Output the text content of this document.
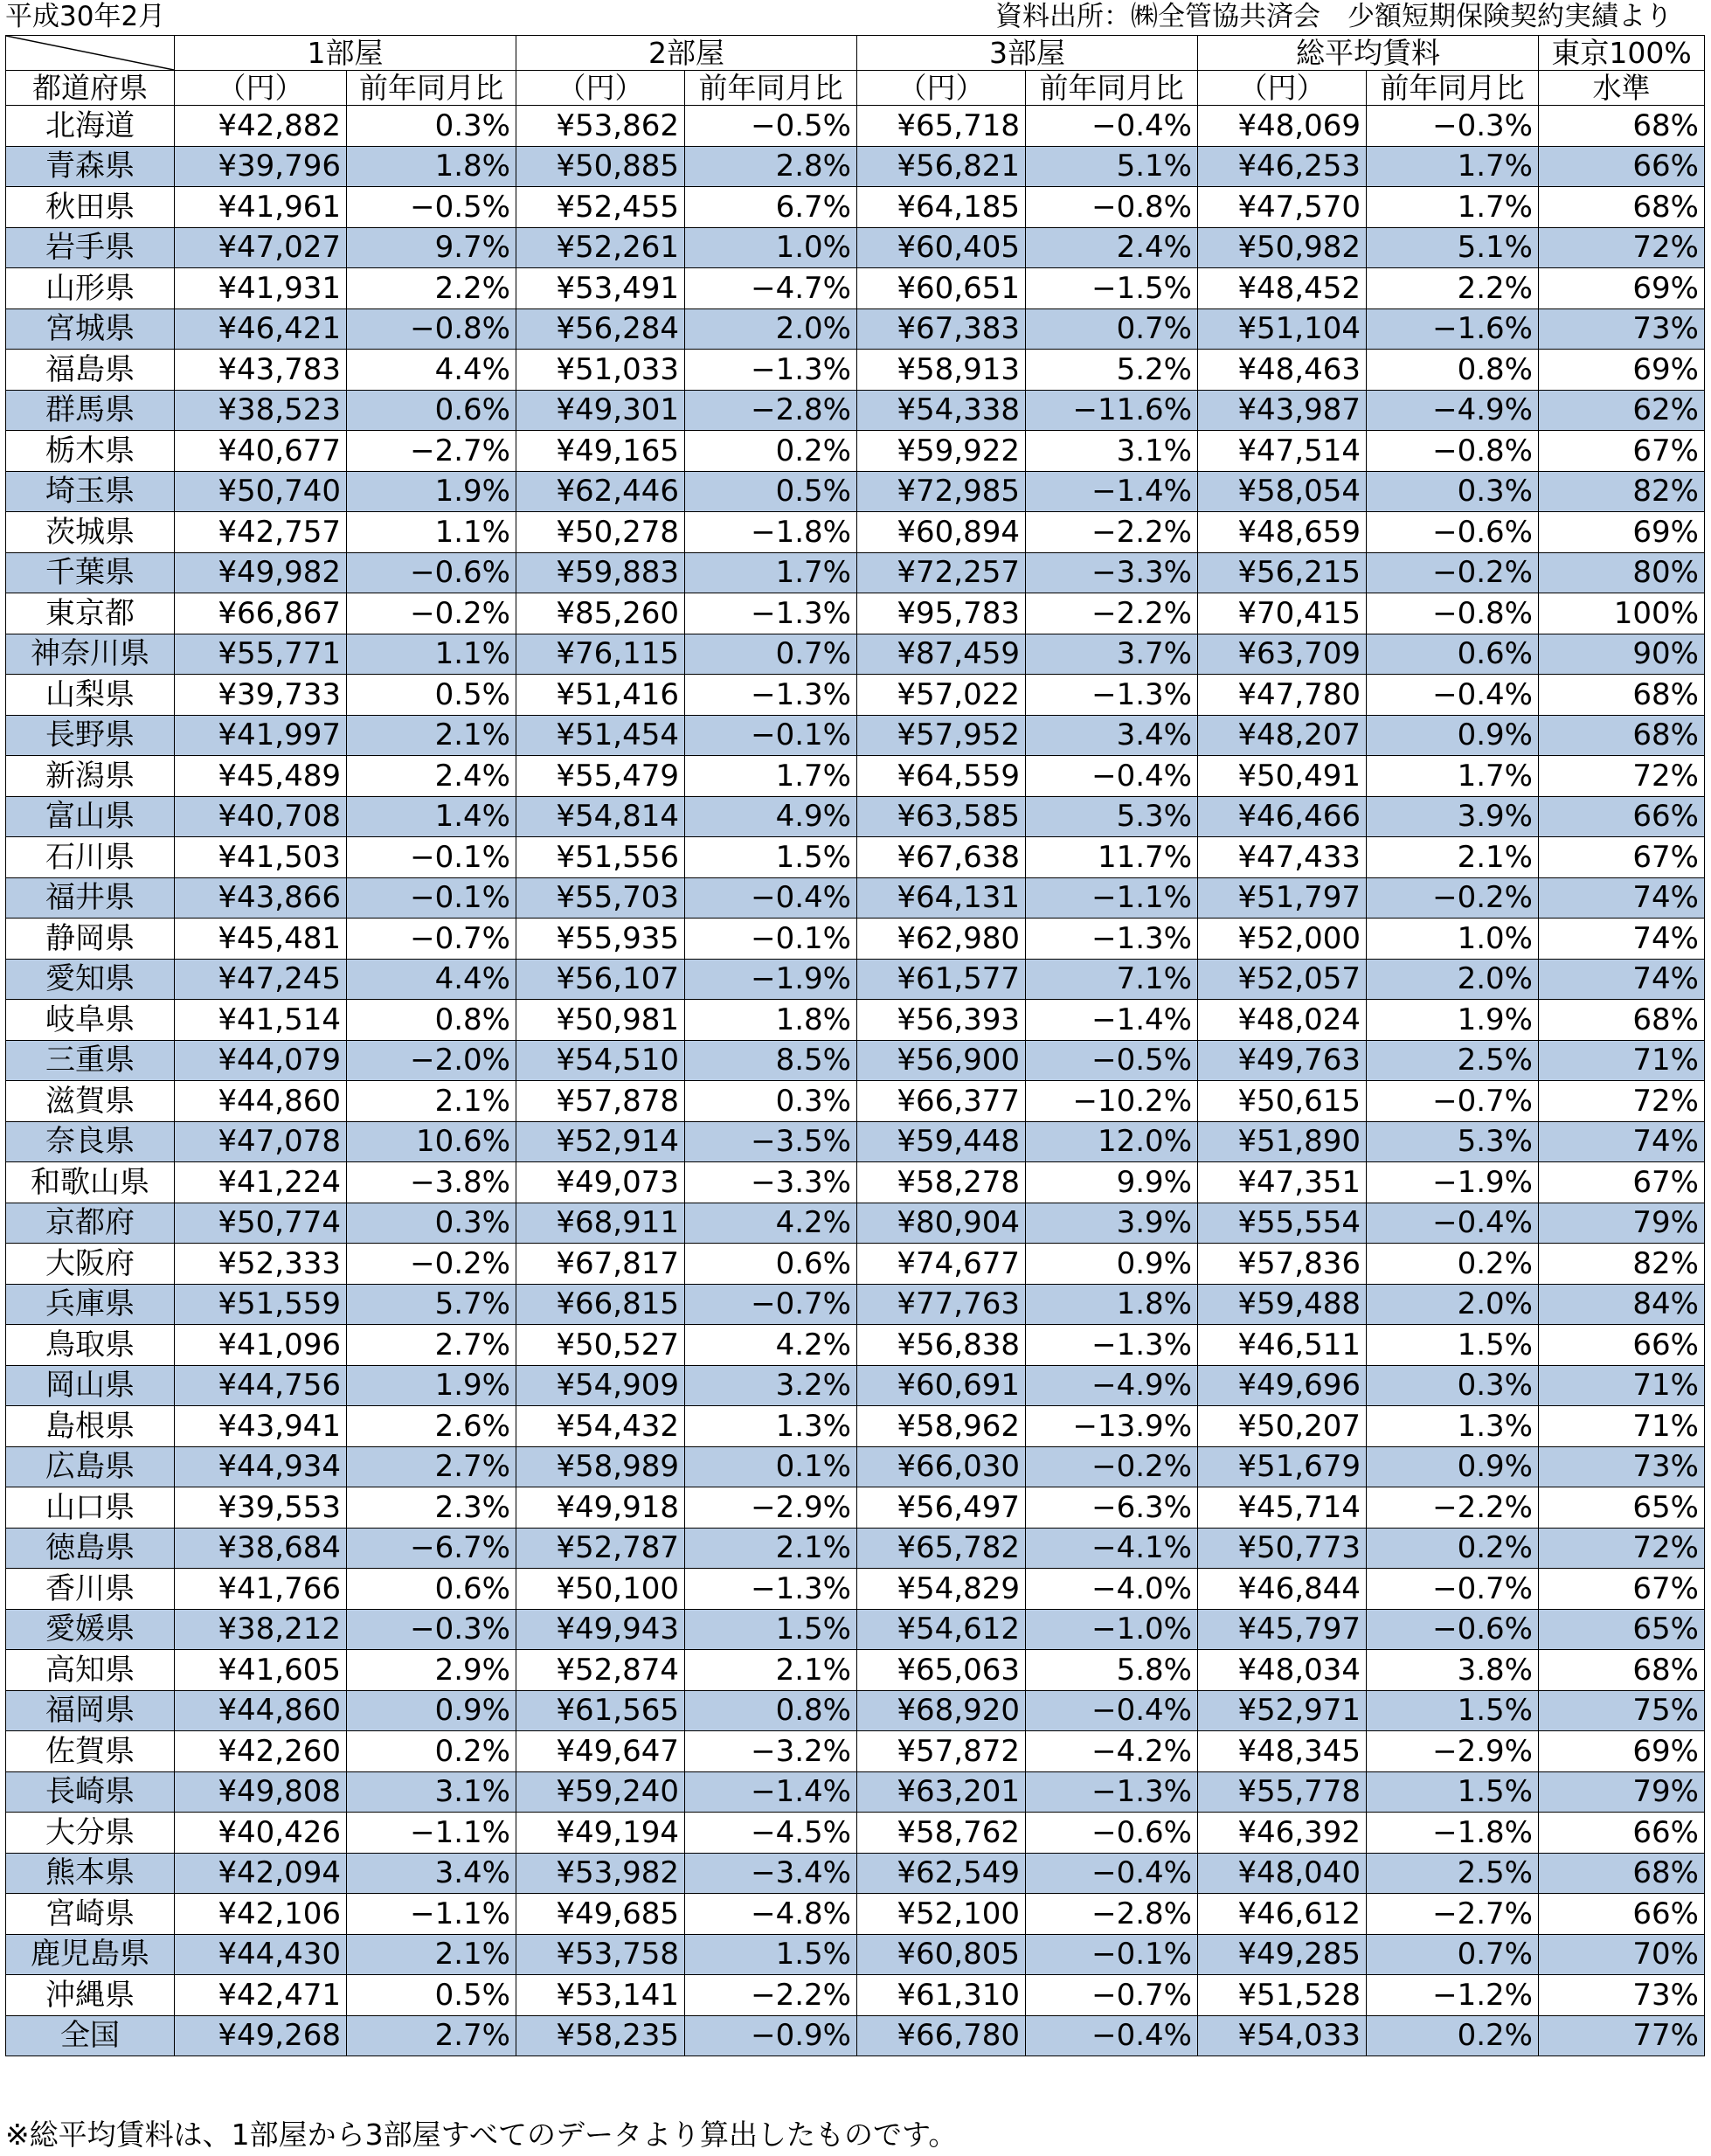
平成30年2月	資料出所：㈱全管協共済会　少額短期保険契約実績より
	1部屋		2部屋		3部屋		総平均賃料		東京100%
都道府県	（円）	前年同月比	（円）	前年同月比	（円）	前年同月比	（円）	前年同月比	水準
北海道	¥42,882	0.3%	¥53,862	−0.5%	¥65,718	−0.4%	¥48,069	−0.3%	68%
青森県	¥39,796	1.8%	¥50,885	2.8%	¥56,821	5.1%	¥46,253	1.7%	66%
秋田県	¥41,961	−0.5%	¥52,455	6.7%	¥64,185	−0.8%	¥47,570	1.7%	68%
岩手県	¥47,027	9.7%	¥52,261	1.0%	¥60,405	2.4%	¥50,982	5.1%	72%
山形県	¥41,931	2.2%	¥53,491	−4.7%	¥60,651	−1.5%	¥48,452	2.2%	69%
宮城県	¥46,421	−0.8%	¥56,284	2.0%	¥67,383	0.7%	¥51,104	−1.6%	73%
福島県	¥43,783	4.4%	¥51,033	−1.3%	¥58,913	5.2%	¥48,463	0.8%	69%
群馬県	¥38,523	0.6%	¥49,301	−2.8%	¥54,338	−11.6%	¥43,987	−4.9%	62%
栃木県	¥40,677	−2.7%	¥49,165	0.2%	¥59,922	3.1%	¥47,514	−0.8%	67%
埼玉県	¥50,740	1.9%	¥62,446	0.5%	¥72,985	−1.4%	¥58,054	0.3%	82%
茨城県	¥42,757	1.1%	¥50,278	−1.8%	¥60,894	−2.2%	¥48,659	−0.6%	69%
千葉県	¥49,982	−0.6%	¥59,883	1.7%	¥72,257	−3.3%	¥56,215	−0.2%	80%
東京都	¥66,867	−0.2%	¥85,260	−1.3%	¥95,783	−2.2%	¥70,415	−0.8%	100%
神奈川県	¥55,771	1.1%	¥76,115	0.7%	¥87,459	3.7%	¥63,709	0.6%	90%
山梨県	¥39,733	0.5%	¥51,416	−1.3%	¥57,022	−1.3%	¥47,780	−0.4%	68%
長野県	¥41,997	2.1%	¥51,454	−0.1%	¥57,952	3.4%	¥48,207	0.9%	68%
新潟県	¥45,489	2.4%	¥55,479	1.7%	¥64,559	−0.4%	¥50,491	1.7%	72%
富山県	¥40,708	1.4%	¥54,814	4.9%	¥63,585	5.3%	¥46,466	3.9%	66%
石川県	¥41,503	−0.1%	¥51,556	1.5%	¥67,638	11.7%	¥47,433	2.1%	67%
福井県	¥43,866	−0.1%	¥55,703	−0.4%	¥64,131	−1.1%	¥51,797	−0.2%	74%
静岡県	¥45,481	−0.7%	¥55,935	−0.1%	¥62,980	−1.3%	¥52,000	1.0%	74%
愛知県	¥47,245	4.4%	¥56,107	−1.9%	¥61,577	7.1%	¥52,057	2.0%	74%
岐阜県	¥41,514	0.8%	¥50,981	1.8%	¥56,393	−1.4%	¥48,024	1.9%	68%
三重県	¥44,079	−2.0%	¥54,510	8.5%	¥56,900	−0.5%	¥49,763	2.5%	71%
滋賀県	¥44,860	2.1%	¥57,878	0.3%	¥66,377	−10.2%	¥50,615	−0.7%	72%
奈良県	¥47,078	10.6%	¥52,914	−3.5%	¥59,448	12.0%	¥51,890	5.3%	74%
和歌山県	¥41,224	−3.8%	¥49,073	−3.3%	¥58,278	9.9%	¥47,351	−1.9%	67%
京都府	¥50,774	0.3%	¥68,911	4.2%	¥80,904	3.9%	¥55,554	−0.4%	79%
大阪府	¥52,333	−0.2%	¥67,817	0.6%	¥74,677	0.9%	¥57,836	0.2%	82%
兵庫県	¥51,559	5.7%	¥66,815	−0.7%	¥77,763	1.8%	¥59,488	2.0%	84%
鳥取県	¥41,096	2.7%	¥50,527	4.2%	¥56,838	−1.3%	¥46,511	1.5%	66%
岡山県	¥44,756	1.9%	¥54,909	3.2%	¥60,691	−4.9%	¥49,696	0.3%	71%
島根県	¥43,941	2.6%	¥54,432	1.3%	¥58,962	−13.9%	¥50,207	1.3%	71%
広島県	¥44,934	2.7%	¥58,989	0.1%	¥66,030	−0.2%	¥51,679	0.9%	73%
山口県	¥39,553	2.3%	¥49,918	−2.9%	¥56,497	−6.3%	¥45,714	−2.2%	65%
徳島県	¥38,684	−6.7%	¥52,787	2.1%	¥65,782	−4.1%	¥50,773	0.2%	72%
香川県	¥41,766	0.6%	¥50,100	−1.3%	¥54,829	−4.0%	¥46,844	−0.7%	67%
愛媛県	¥38,212	−0.3%	¥49,943	1.5%	¥54,612	−1.0%	¥45,797	−0.6%	65%
高知県	¥41,605	2.9%	¥52,874	2.1%	¥65,063	5.8%	¥48,034	3.8%	68%
福岡県	¥44,860	0.9%	¥61,565	0.8%	¥68,920	−0.4%	¥52,971	1.5%	75%
佐賀県	¥42,260	0.2%	¥49,647	−3.2%	¥57,872	−4.2%	¥48,345	−2.9%	69%
長崎県	¥49,808	3.1%	¥59,240	−1.4%	¥63,201	−1.3%	¥55,778	1.5%	79%
大分県	¥40,426	−1.1%	¥49,194	−4.5%	¥58,762	−0.6%	¥46,392	−1.8%	66%
熊本県	¥42,094	3.4%	¥53,982	−3.4%	¥62,549	−0.4%	¥48,040	2.5%	68%
宮崎県	¥42,106	−1.1%	¥49,685	−4.8%	¥52,100	−2.8%	¥46,612	−2.7%	66%
鹿児島県	¥44,430	2.1%	¥53,758	1.5%	¥60,805	−0.1%	¥49,285	0.7%	70%
沖縄県	¥42,471	0.5%	¥53,141	−2.2%	¥61,310	−0.7%	¥51,528	−1.2%	73%
全国	¥49,268	2.7%	¥58,235	−0.9%	¥66,780	−0.4%	¥54,033	0.2%	77%
※総平均賃料は、1部屋から3部屋すべてのデータより算出したものです。
